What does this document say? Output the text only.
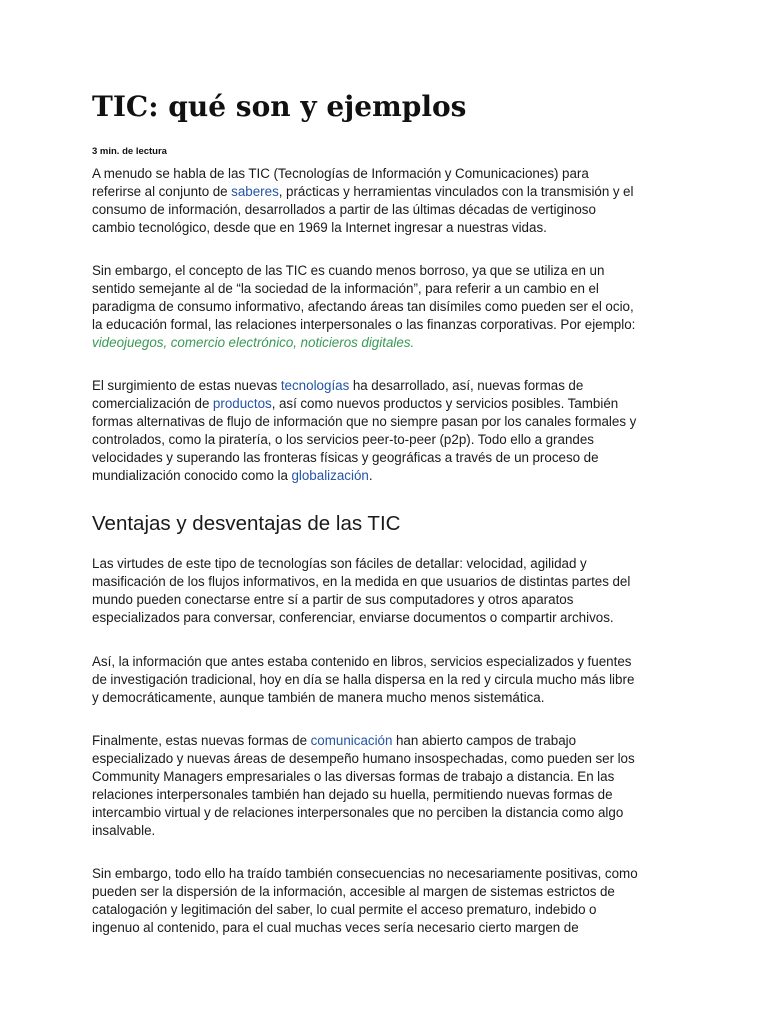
TIC: qué son y ejemplos
3 min. de lectura

A menudo se habla de las TIC (Tecnologías de Información y Comunicaciones) para
referirse al conjunto de saberes, prácticas y herramientas vinculados con la transmisión y el
consumo de información, desarrollados a partir de las últimas décadas de vertiginoso
cambio tecnológico, desde que en 1969 la Internet ingresar a nuestras vidas.

Sin embargo, el concepto de las TIC es cuando menos borroso, ya que se utiliza en un
sentido semejante al de “la sociedad de la información”, para referir a un cambio en el
paradigma de consumo informativo, afectando áreas tan disímiles como pueden ser el ocio,
la educación formal, las relaciones interpersonales o las finanzas corporativas. Por ejemplo:
videojuegos, comercio electrónico, noticieros digitales.

El surgimiento de estas nuevas tecnologías ha desarrollado, así, nuevas formas de
comercialización de productos, así como nuevos productos y servicios posibles. También
formas alternativas de flujo de información que no siempre pasan por los canales formales y
controlados, como la piratería, o los servicios peer-to-peer (p2p). Todo ello a grandes
velocidades y superando las fronteras físicas y geográficas a través de un proceso de
mundialización conocido como la globalización.

Ventajas y desventajas de las TIC

Las virtudes de este tipo de tecnologías son fáciles de detallar: velocidad, agilidad y
masificación de los flujos informativos, en la medida en que usuarios de distintas partes del
mundo pueden conectarse entre sí a partir de sus computadores y otros aparatos
especializados para conversar, conferenciar, enviarse documentos o compartir archivos.

Así, la información que antes estaba contenido en libros, servicios especializados y fuentes
de investigación tradicional, hoy en día se halla dispersa en la red y circula mucho más libre
y democráticamente, aunque también de manera mucho menos sistemática.

Finalmente, estas nuevas formas de comunicación han abierto campos de trabajo
especializado y nuevas áreas de desempeño humano insospechadas, como pueden ser los
Community Managers empresariales o las diversas formas de trabajo a distancia. En las
relaciones interpersonales también han dejado su huella, permitiendo nuevas formas de
intercambio virtual y de relaciones interpersonales que no perciben la distancia como algo
insalvable.

Sin embargo, todo ello ha traído también consecuencias no necesariamente positivas, como
pueden ser la dispersión de la información, accesible al margen de sistemas estrictos de
catalogación y legitimación del saber, lo cual permite el acceso prematuro, indebido o
ingenuo al contenido, para el cual muchas veces sería necesario cierto margen de
